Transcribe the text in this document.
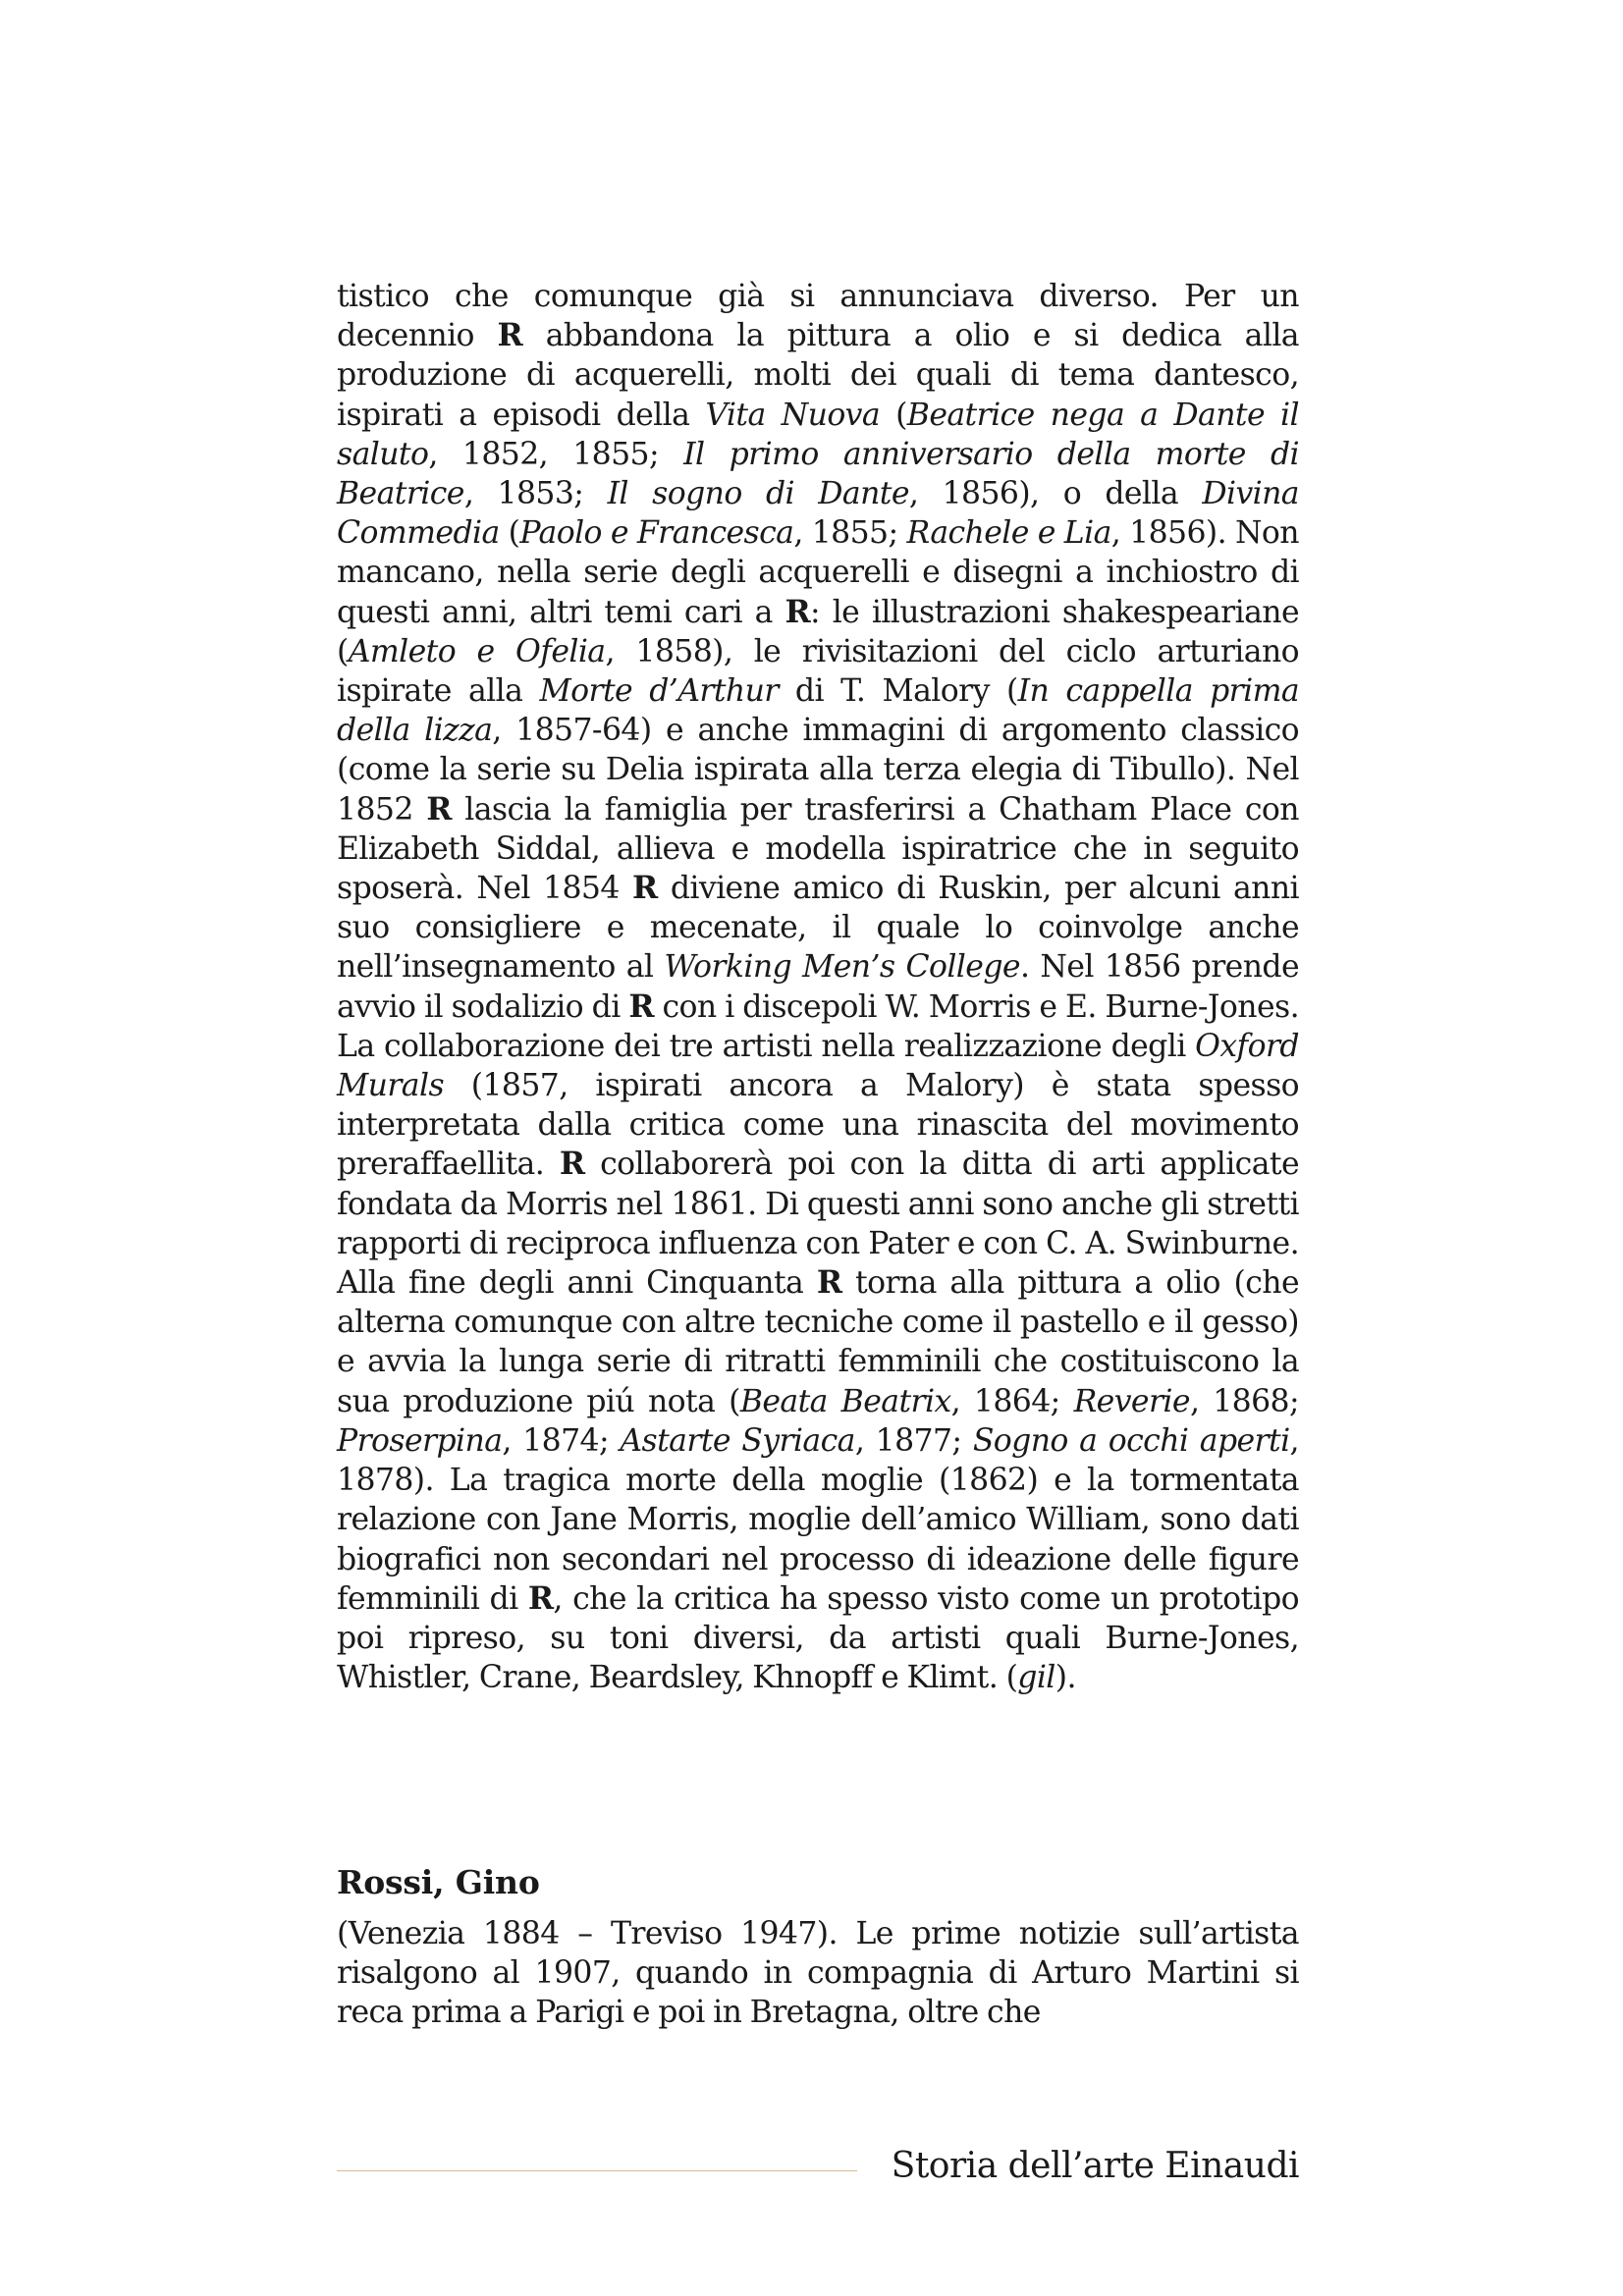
tistico che comunque già si annunciava diverso. Per un decennio R abbandona la pittura a olio e si dedica alla produzione di acquerelli, molti dei quali di tema dantesco, ispirati a episodi della Vita Nuova (Beatrice nega a Dante il saluto, 1852, 1855; Il primo anniversario della morte di Beatrice, 1853; Il sogno di Dante, 1856), o della Divina Commedia (Paolo e Francesca, 1855; Rachele e Lia, 1856). Non mancano, nella serie degli acquerelli e disegni a inchiostro di questi anni, altri temi cari a R: le illustrazioni shakespeariane (Amleto e Ofelia, 1858), le rivisitazioni del ciclo arturiano ispirate alla Morte d’Arthur di T. Malory (In cappella prima della lizza, 1857-64) e anche immagini di argomento classico (come la serie su Delia ispirata alla terza elegia di Tibullo). Nel 1852 R lascia la famiglia per trasferirsi a Chatham Place con Elizabeth Siddal, allieva e modella ispiratrice che in seguito sposerà. Nel 1854 R diviene amico di Ruskin, per alcuni anni suo consigliere e mecenate, il quale lo coinvolge anche nell’insegnamento al Working Men’s College. Nel 1856 prende avvio il sodalizio di R con i discepoli W. Morris e E. Burne-Jones. La collaborazione dei tre artisti nella realizzazione degli Oxford Murals (1857, ispirati ancora a Malory) è stata spesso interpretata dalla critica come una rinascita del movimento preraffaellita. R collaborerà poi con la ditta di arti applicate fondata da Morris nel 1861. Di questi anni sono anche gli stretti rapporti di reciproca influenza con Pater e con C. A. Swinburne. Alla fine degli anni Cinquanta R torna alla pittura a olio (che alterna comunque con altre tecniche come il pastello e il gesso) e avvia la lunga serie di ritratti femminili che costituiscono la sua produzione piú nota (Beata Beatrix, 1864; Reverie, 1868; Proserpina, 1874; Astarte Syriaca, 1877; Sogno a occhi aperti, 1878). La tragica morte della moglie (1862) e la tormentata relazione con Jane Morris, moglie dell’amico William, sono dati biografici non secondari nel processo di ideazione delle figure femminili di R, che la critica ha spesso visto come un prototipo poi ripreso, su toni diversi, da artisti quali Burne-Jones, Whistler, Crane, Beardsley, Khnopff e Klimt. (gil).

Rossi, Gino

(Venezia 1884 – Treviso 1947). Le prime notizie sull’artista risalgono al 1907, quando in compagnia di Arturo Martini si reca prima a Parigi e poi in Bretagna, oltre che

Storia dell’arte Einaudi
